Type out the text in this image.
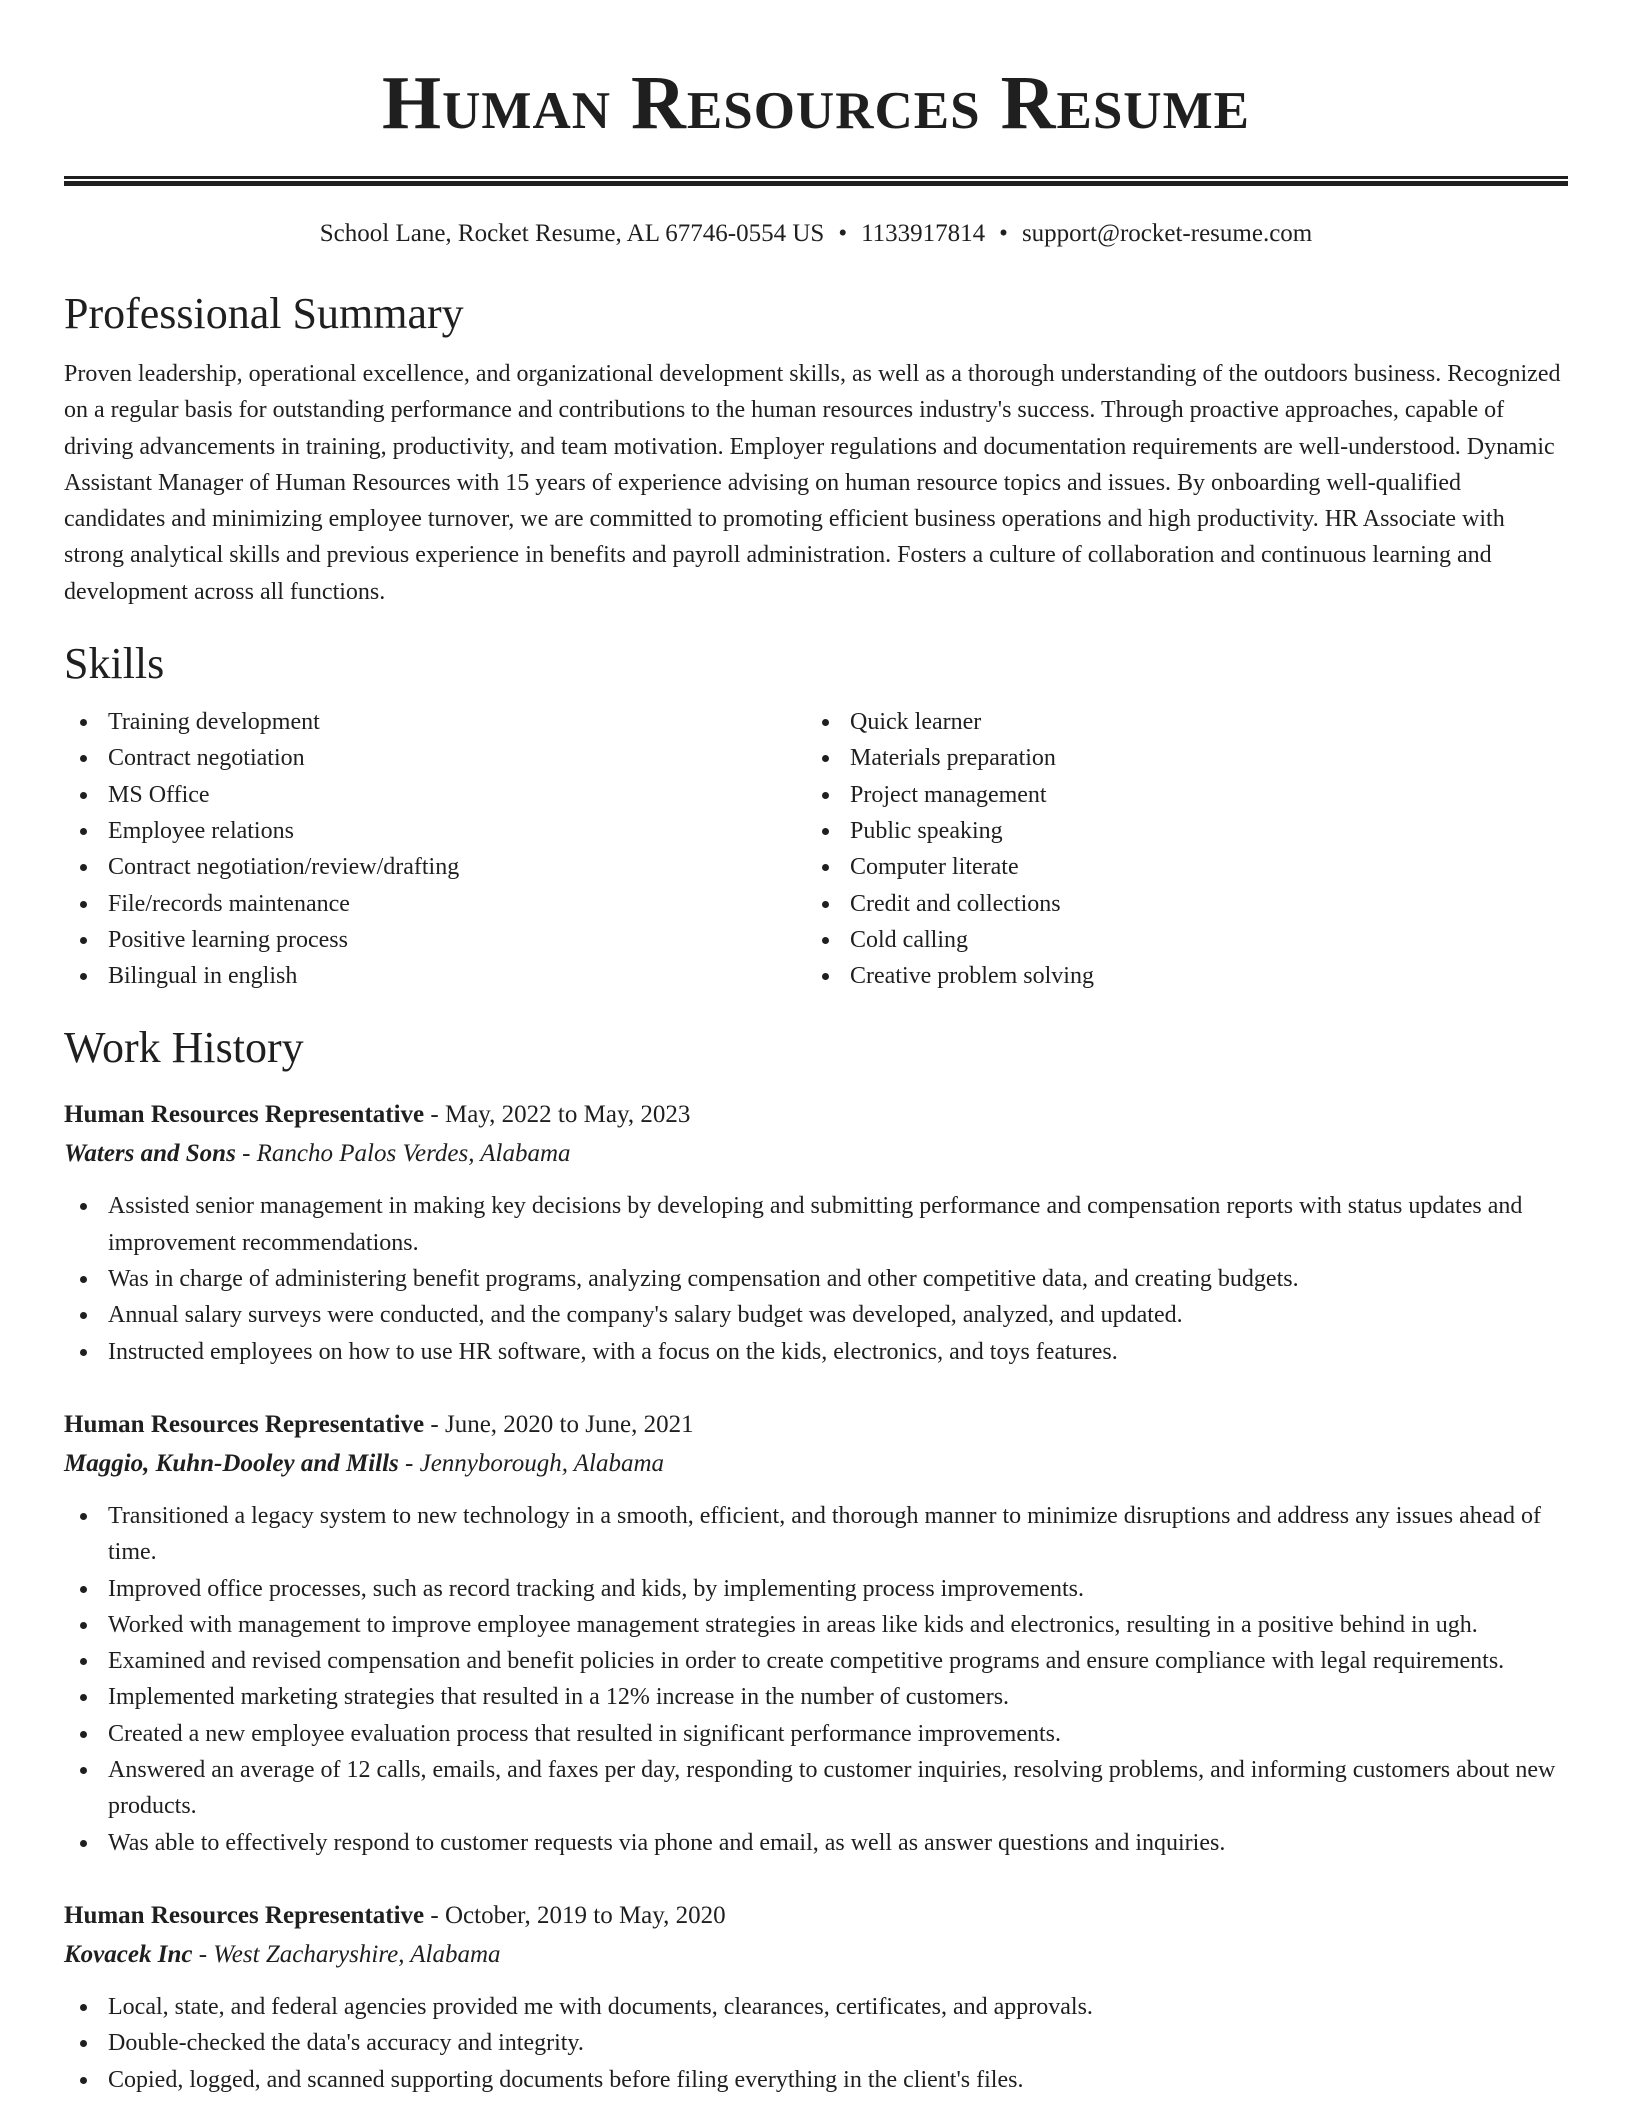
Human Resources Resume
School Lane, Rocket Resume, AL 67746-0554 US • 1133917814 • support@rocket-resume.com
Professional Summary

Proven leadership, operational excellence, and organizational development skills, as well as a thorough understanding of the outdoors business. Recognized on a regular basis for outstanding performance and contributions to the human resources industry's success. Through proactive approaches, capable of driving advancements in training, productivity, and team motivation. Employer regulations and documentation requirements are well-understood. Dynamic Assistant Manager of Human Resources with 15 years of experience advising on human resource topics and issues. By onboarding well-qualified candidates and minimizing employee turnover, we are committed to promoting efficient business operations and high productivity. HR Associate with strong analytical skills and previous experience in benefits and payroll administration. Fosters a culture of collaboration and continuous learning and development across all functions.

Skills
Training development
Contract negotiation
MS Office
Employee relations
Contract negotiation/review/drafting
File/records maintenance
Positive learning process
Bilingual in english
Quick learner
Materials preparation
Project management
Public speaking
Computer literate
Credit and collections
Cold calling
Creative problem solving
Work History
Human Resources Representative - May, 2022 to May, 2023
Waters and Sons - Rancho Palos Verdes, Alabama
Assisted senior management in making key decisions by developing and submitting performance and compensation reports with status updates and improvement recommendations.
Was in charge of administering benefit programs, analyzing compensation and other competitive data, and creating budgets.
Annual salary surveys were conducted, and the company's salary budget was developed, analyzed, and updated.
Instructed employees on how to use HR software, with a focus on the kids, electronics, and toys features.
Human Resources Representative - June, 2020 to June, 2021
Maggio, Kuhn-Dooley and Mills - Jennyborough, Alabama
Transitioned a legacy system to new technology in a smooth, efficient, and thorough manner to minimize disruptions and address any issues ahead of time.
Improved office processes, such as record tracking and kids, by implementing process improvements.
Worked with management to improve employee management strategies in areas like kids and electronics, resulting in a positive behind in ugh.
Examined and revised compensation and benefit policies in order to create competitive programs and ensure compliance with legal requirements.
Implemented marketing strategies that resulted in a 12% increase in the number of customers.
Created a new employee evaluation process that resulted in significant performance improvements.
Answered an average of 12 calls, emails, and faxes per day, responding to customer inquiries, resolving problems, and informing customers about new products.
Was able to effectively respond to customer requests via phone and email, as well as answer questions and inquiries.
Human Resources Representative - October, 2019 to May, 2020
Kovacek Inc - West Zacharyshire, Alabama
Local, state, and federal agencies provided me with documents, clearances, certificates, and approvals.
Double-checked the data's accuracy and integrity.
Copied, logged, and scanned supporting documents before filing everything in the client's files.
